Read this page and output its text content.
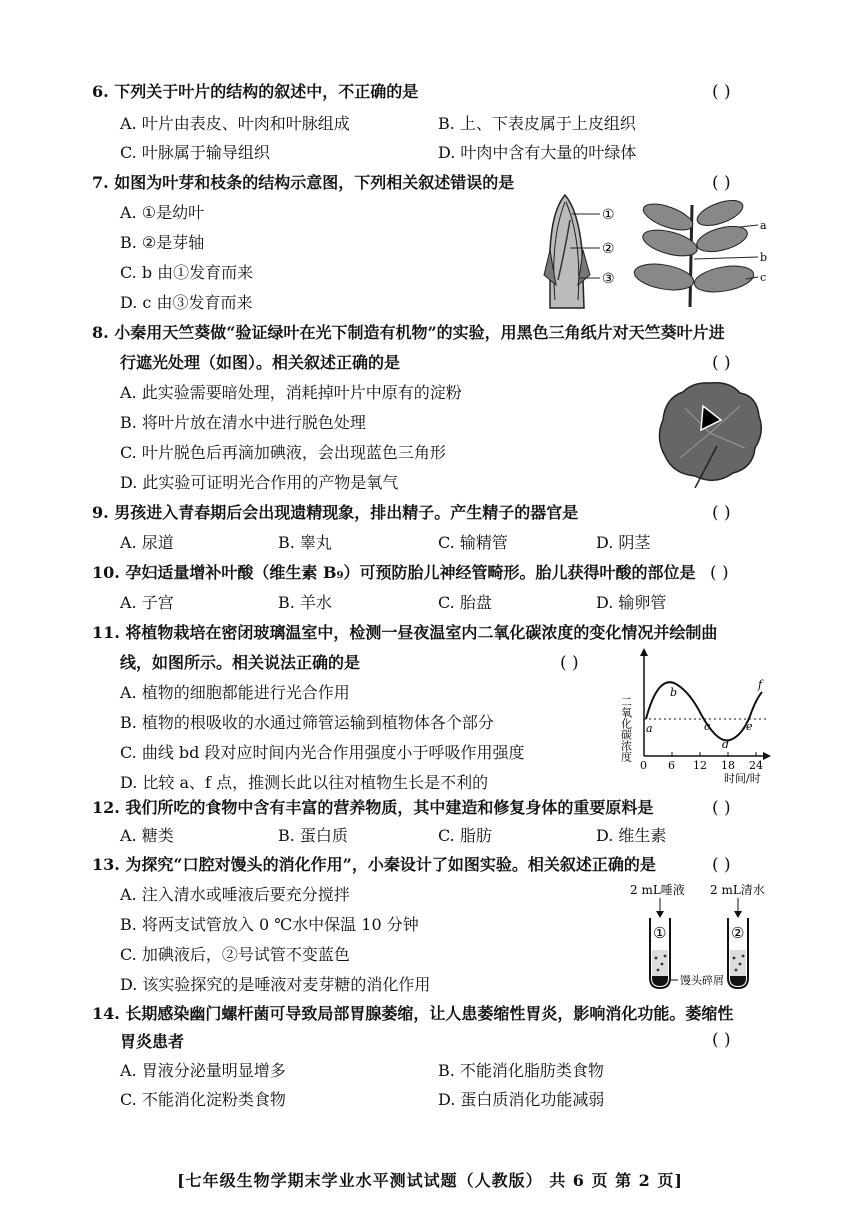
6. 下列关于叶片的结构的叙述中，不正确的是	( )
A. 叶片由表皮、叶肉和叶脉组成	B. 上、下表皮属于上皮组织
C. 叶脉属于输导组织	D. 叶肉中含有大量的叶绿体
7. 如图为叶芽和枝条的结构示意图，下列相关叙述错误的是	( )
A. ①是幼叶
B. ②是芽轴
C. b 由①发育而来
D. c 由③发育而来
①
②
③
a
b
c
8. 小秦用天竺葵做“验证绿叶在光下制造有机物”的实验，用黑色三角纸片对天竺葵叶片进
行遮光处理（如图）。相关叙述正确的是	( )
A. 此实验需要暗处理，消耗掉叶片中原有的淀粉
B. 将叶片放在清水中进行脱色处理
C. 叶片脱色后再滴加碘液，会出现蓝色三角形
D. 此实验可证明光合作用的产物是氧气
9. 男孩进入青春期后会出现遗精现象，排出精子。产生精子的器官是	( )
A. 尿道	B. 睾丸	C. 输精管	D. 阴茎
10. 孕妇适量增补叶酸（维生素 B₉）可预防胎儿神经管畸形。胎儿获得叶酸的部位是 ( )
A. 子宫	B. 羊水	C. 胎盘	D. 输卵管
11. 将植物栽培在密闭玻璃温室中，检测一昼夜温室内二氧化碳浓度的变化情况并绘制曲
线，如图所示。相关说法正确的是	( )
A. 植物的细胞都能进行光合作用
B. 植物的根吸收的水通过筛管运输到植物体各个部分
C. 曲线 bd 段对应时间内光合作用强度小于呼吸作用强度
D. 比较 a、f 点，推测长此以往对植物生长是不利的
二氧化碳浓度 a
b
c
d
e
f
0 6 12 18 24
时间/时
12. 我们所吃的食物中含有丰富的营养物质，其中建造和修复身体的重要原料是	( )
A. 糖类	B. 蛋白质	C. 脂肪	D. 维生素
13. 为探究“口腔对馒头的消化作用”，小秦设计了如图实验。相关叙述正确的是	( )
A. 注入清水或唾液后要充分搅拌
B. 将两支试管放入 0 ℃水中保温 10 分钟
C. 加碘液后，②号试管不变蓝色
D. 该实验探究的是唾液对麦芽糖的消化作用
2 mL唾液 2 mL清水
①	②
馒头碎屑
14. 长期感染幽门螺杆菌可导致局部胃腺萎缩，让人患萎缩性胃炎，影响消化功能。萎缩性
胃炎患者	( )
A. 胃液分泌量明显增多	B. 不能消化脂肪类食物
C. 不能消化淀粉类食物	D. 蛋白质消化功能减弱
[七年级生物学期末学业水平测试试题（人教版） 共 6 页 第 2 页]
